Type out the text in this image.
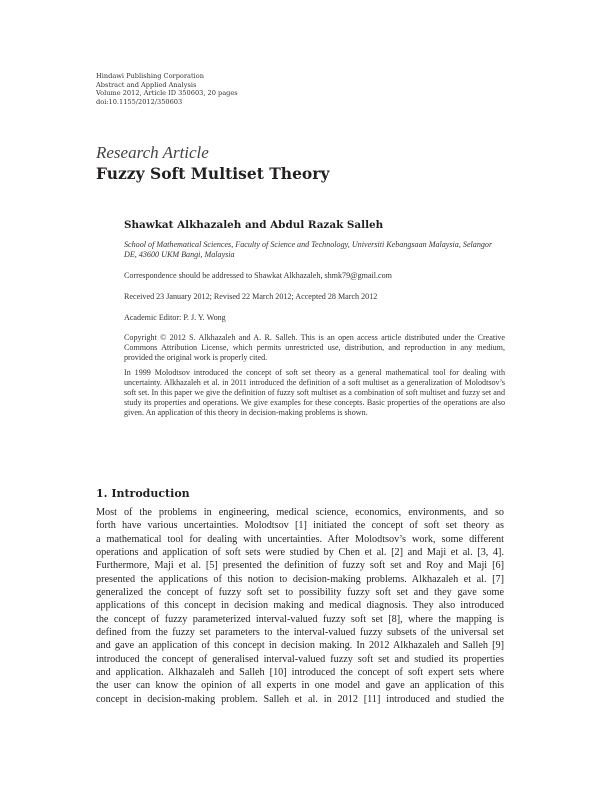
Hindawi Publishing Corporation
Abstract and Applied Analysis
Volume 2012, Article ID 350603, 20 pages
doi:10.1155/2012/350603
Research Article
Fuzzy Soft Multiset Theory
Shawkat Alkhazaleh and Abdul Razak Salleh
School of Mathematical Sciences, Faculty of Science and Technology, Universiti Kebangsaan Malaysia, Selangor DE, 43600 UKM Bangi, Malaysia
Correspondence should be addressed to Shawkat Alkhazaleh, shmk79@gmail.com
Received 23 January 2012; Revised 22 March 2012; Accepted 28 March 2012
Academic Editor: P. J. Y. Wong
Copyright © 2012 S. Alkhazaleh and A. R. Salleh. This is an open access article distributed under the Creative Commons Attribution License, which permits unrestricted use, distribution, and reproduction in any medium, provided the original work is properly cited.
In 1999 Molodtsov introduced the concept of soft set theory as a general mathematical tool for dealing with uncertainty. Alkhazaleh et al. in 2011 introduced the definition of a soft multiset as a generalization of Molodtsov’s soft set. In this paper we give the definition of fuzzy soft multiset as a combination of soft multiset and fuzzy set and study its properties and operations. We give examples for these concepts. Basic properties of the operations are also given. An application of this theory in decision-making problems is shown.
1. Introduction
Most of the problems in engineering, medical science, economics, environments, and so
forth have various uncertainties. Molodtsov [1] initiated the concept of soft set theory as
a mathematical tool for dealing with uncertainties. After Molodtsov’s work, some different
operations and application of soft sets were studied by Chen et al. [2] and Maji et al. [3, 4].
Furthermore, Maji et al. [5] presented the definition of fuzzy soft set and Roy and Maji [6]
presented the applications of this notion to decision-making problems. Alkhazaleh et al. [7]
generalized the concept of fuzzy soft set to possibility fuzzy soft set and they gave some
applications of this concept in decision making and medical diagnosis. They also introduced
the concept of fuzzy parameterized interval-valued fuzzy soft set [8], where the mapping is
defined from the fuzzy set parameters to the interval-valued fuzzy subsets of the universal set
and gave an application of this concept in decision making. In 2012 Alkhazaleh and Salleh [9]
introduced the concept of generalised interval-valued fuzzy soft set and studied its properties
and application. Alkhazaleh and Salleh [10] introduced the concept of soft expert sets where
the user can know the opinion of all experts in one model and gave an application of this
concept in decision-making problem. Salleh et al. in 2012 [11] introduced and studied the
